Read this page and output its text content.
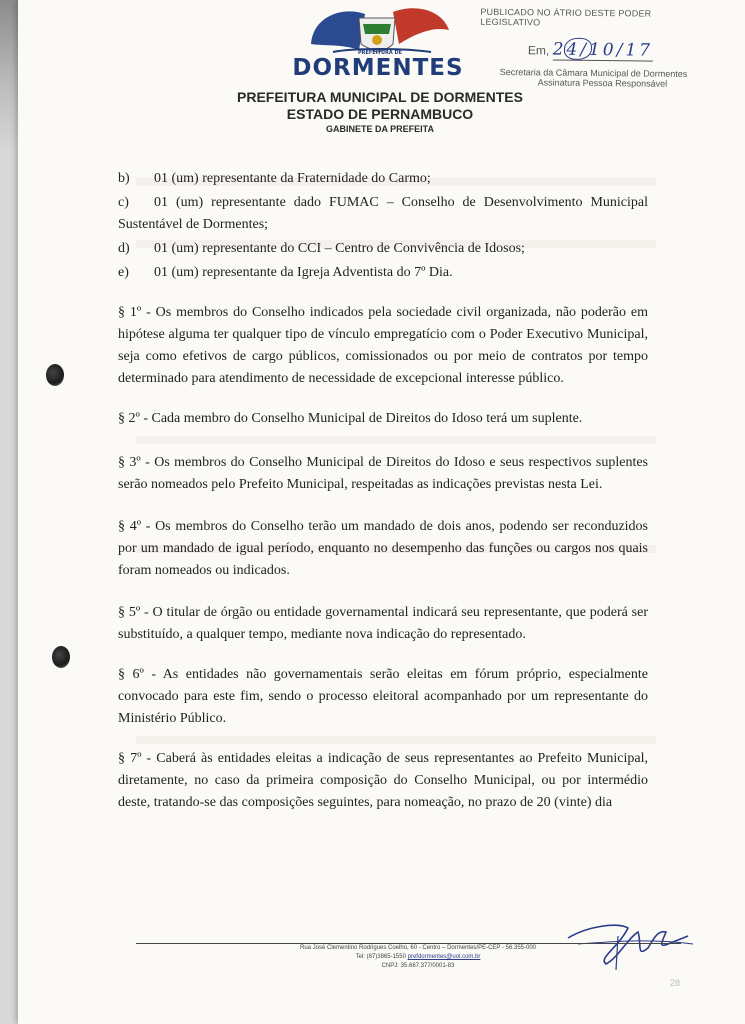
PREFEITURA DE
DORMENTES
PREFEITURA MUNICIPAL DE DORMENTES
ESTADO DE PERNAMBUCO
GABINETE DA PREFEITA
PUBLICADO NO ÁTRIO DESTE PODER LEGISLATIVO
Em, 24/10/17
Secretaria da Câmara Municipal de Dormentes
Assinatura Pessoa Responsável

b) 01 (um) representante da Fraternidade do Carmo;

c) 01 (um) representante dado FUMAC – Conselho de Desenvolvimento Municipal Sustentável de Dormentes;

d) 01 (um) representante do CCI – Centro de Convivência de Idosos;

e) 01 (um) representante da Igreja Adventista do 7º Dia.

§ 1º - Os membros do Conselho indicados pela sociedade civil organizada, não poderão em hipótese alguma ter qualquer tipo de vínculo empregatício com o Poder Executivo Municipal, seja como efetivos de cargo públicos, comissionados ou por meio de contratos por tempo determinado para atendimento de necessidade de excepcional interesse público.

§ 2º - Cada membro do Conselho Municipal de Direitos do Idoso terá um suplente.

§ 3º - Os membros do Conselho Municipal de Direitos do Idoso e seus respectivos suplentes serão nomeados pelo Prefeito Municipal, respeitadas as indicações previstas nesta Lei.

§ 4º - Os membros do Conselho terão um mandado de dois anos, podendo ser reconduzidos por um mandado de igual período, enquanto no desempenho das funções ou cargos nos quais foram nomeados ou indicados.

§ 5º - O titular de órgão ou entidade governamental indicará seu representante, que poderá ser substituído, a qualquer tempo, mediante nova indicação do representado.

§ 6º - As entidades não governamentais serão eleitas em fórum próprio, especialmente convocado para este fim, sendo o processo eleitoral acompanhado por um representante do Ministério Público.

§ 7º - Caberá às entidades eleitas a indicação de seus representantes ao Prefeito Municipal, diretamente, no caso da primeira composição do Conselho Municipal, ou por intermédio deste, tratando-se das composições seguintes, para nomeação, no prazo de 20 (vinte) dia

Rua José Clementino Rodrigues Coelho, 60 - Centro – Dormentes/PE-CEP - 56.355-000
Tel: (87)3865-1550 prefdormentes@uol.com.br
CNPJ: 35.667.377/0001-83
28
